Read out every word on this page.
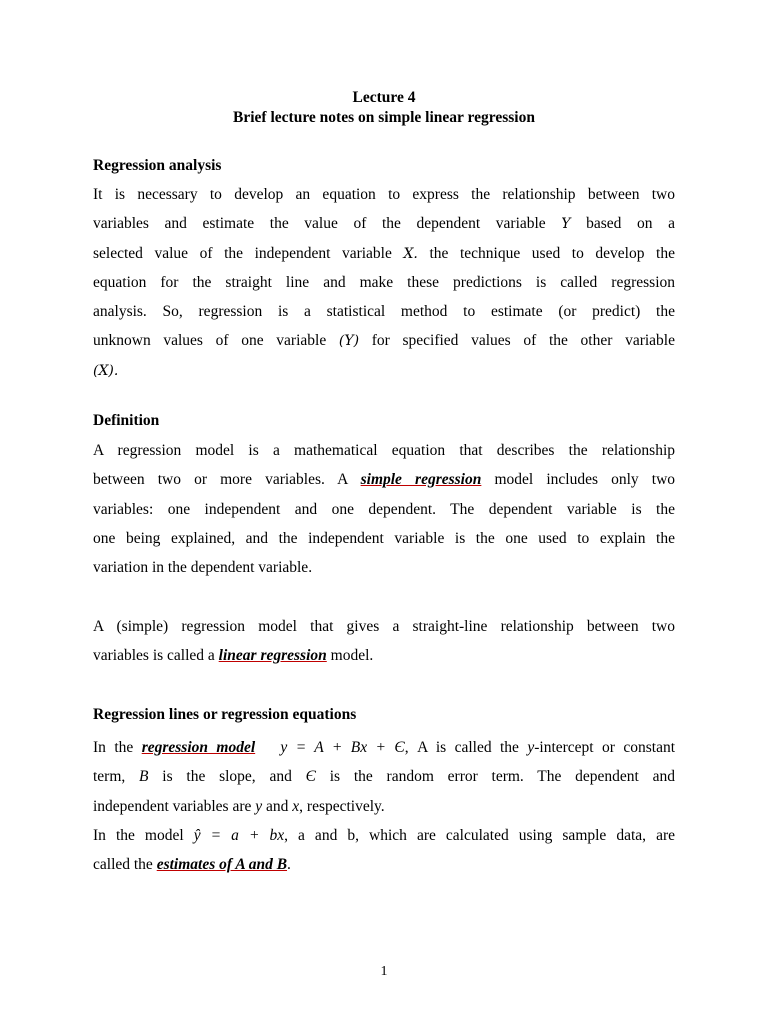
Lecture 4
Brief lecture notes on simple linear regression
Regression analysis
It is necessary to develop an equation to express the relationship between two
variables and estimate the value of the dependent variable Y based on a
selected value of the independent variable X. the technique used to develop the
equation for the straight line and make these predictions is called regression
analysis. So, regression is a statistical method to estimate (or predict) the
unknown values of one variable (Y) for specified values of the other variable
(X).
Definition
A regression model is a mathematical equation that describes the relationship
between two or more variables. A simple regression model includes only two
variables: one independent and one dependent. The dependent variable is the
one being explained, and the independent variable is the one used to explain the
variation in the dependent variable.
A (simple) regression model that gives a straight-line relationship between two
variables is called a linear regression model.
Regression lines or regression equations
In the regression model y = A + Bx + Є, A is called the y-intercept or constant
term, B is the slope, and Є is the random error term. The dependent and
independent variables are y and x, respectively.
In the model ŷ = a + bx, a and b, which are calculated using sample data, are
called the estimates of A and B.
1
